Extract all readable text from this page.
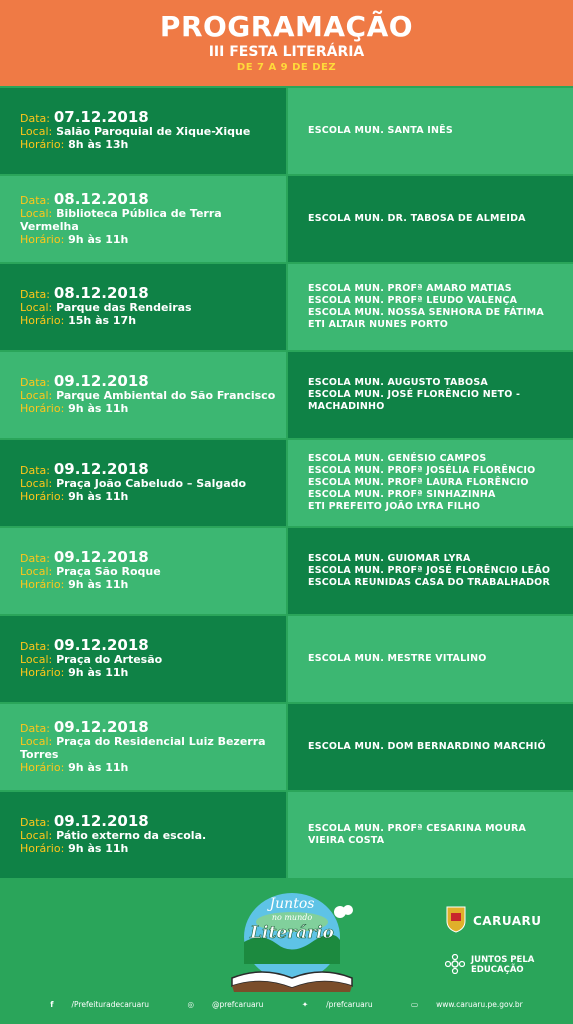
PROGRAMAÇÃO
III FESTA LITERÁRIA
DE 7 A 9 DE DEZ
Data: 07.12.2018
Local: Salão Paroquial de Xique-Xique
Horário: 8h às 13h
ESCOLA MUN. SANTA INÊS
Data: 08.12.2018
Local: Biblioteca Pública de Terra Vermelha
Horário: 9h às 11h
ESCOLA MUN. DR. TABOSA DE ALMEIDA
Data: 08.12.2018
Local: Parque das Rendeiras
Horário: 15h às 17h
ESCOLA MUN. PROFª AMARO MATIAS
ESCOLA MUN. PROFª LEUDO VALENÇA
ESCOLA MUN. NOSSA SENHORA DE FÁTIMA
ETI ALTAIR NUNES PORTO
Data: 09.12.2018
Local: Parque Ambiental do São Francisco
Horário: 9h às 11h
ESCOLA MUN. AUGUSTO TABOSA
ESCOLA MUN. JOSÉ FLORÊNCIO NETO - MACHADINHO
Data: 09.12.2018
Local: Praça João Cabeludo – Salgado
Horário: 9h às 11h
ESCOLA MUN. GENÉSIO CAMPOS
ESCOLA MUN. PROFª JOSÉLIA FLORÊNCIO
ESCOLA MUN. PROFª LAURA FLORÊNCIO
ESCOLA MUN. PROFª SINHAZINHA
ETI PREFEITO JOÃO LYRA FILHO
Data: 09.12.2018
Local: Praça São Roque
Horário: 9h às 11h
ESCOLA MUN. GUIOMAR LYRA
ESCOLA MUN. PROFª JOSÉ FLORÊNCIO LEÃO
ESCOLA REUNIDAS CASA DO TRABALHADOR
Data: 09.12.2018
Local: Praça do Artesão
Horário: 9h às 11h
ESCOLA MUN. MESTRE VITALINO
Data: 09.12.2018
Local: Praça do Residencial Luiz Bezerra Torres
Horário: 9h às 11h
ESCOLA MUN. DOM BERNARDINO MARCHIÓ
Data: 09.12.2018
Local: Pátio externo da escola.
Horário: 9h às 11h
ESCOLA MUN. PROFª CESARINA MOURA VIEIRA COSTA
Juntos
no mundo
Literário
CARUARU
JUNTOS PELA EDUCAÇÃO
f /Prefeituradecaruaru	◎ @prefcaruaru	✦ /prefcaruaru	▭ www.caruaru.pe.gov.br
